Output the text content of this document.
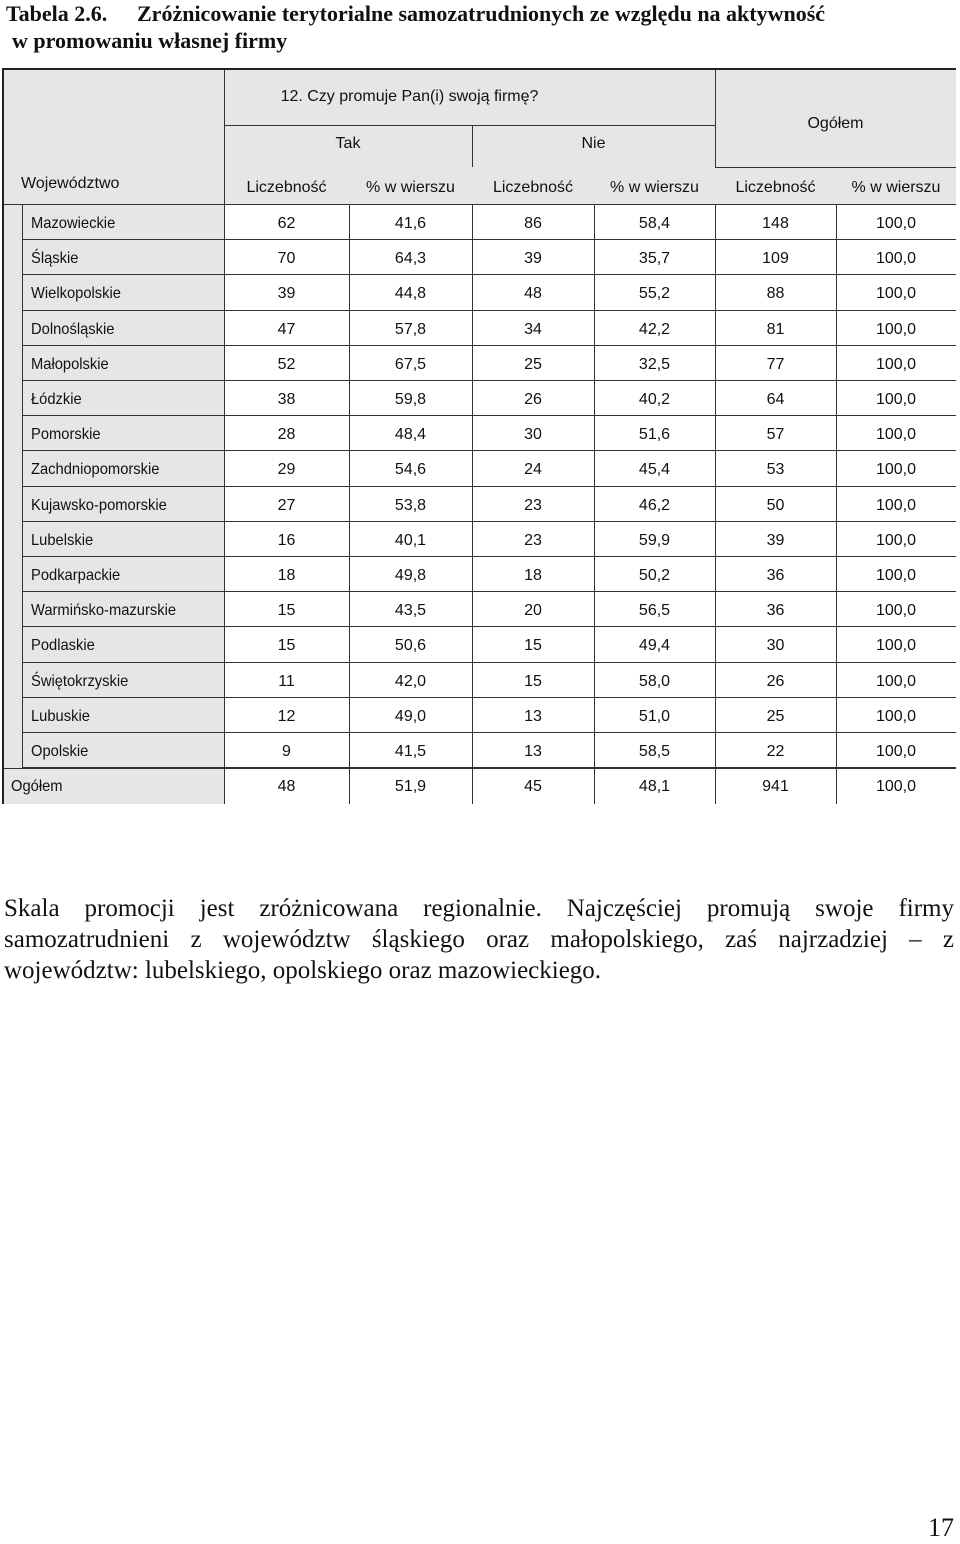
Tabela 2.6. Zróżnicowanie terytorialne samozatrudnionych ze względu na aktywność
w promowaniu własnej firmy
12. Czy promuje Pan(i) swoją firmę?
Tak	Nie
Ogółem
Województwo	Liczebność	% w wierszu	Liczebność	% w wierszu	Liczebność	% w wierszu
Mazowieckie	62	41,6	86	58,4	148	100,0
Śląskie	70	64,3	39	35,7	109	100,0
Wielkopolskie	39	44,8	48	55,2	88	100,0
Dolnośląskie	47	57,8	34	42,2	81	100,0
Małopolskie	52	67,5	25	32,5	77	100,0
Łódzkie	38	59,8	26	40,2	64	100,0
Pomorskie	28	48,4	30	51,6	57	100,0
Zachdniopomorskie	29	54,6	24	45,4	53	100,0
Kujawsko-pomorskie	27	53,8	23	46,2	50	100,0
Lubelskie	16	40,1	23	59,9	39	100,0
Podkarpackie	18	49,8	18	50,2	36	100,0
Warmińsko-mazurskie	15	43,5	20	56,5	36	100,0
Podlaskie	15	50,6	15	49,4	30	100,0
Świętokrzyskie	11	42,0	15	58,0	26	100,0
Lubuskie	12	49,0	13	51,0	25	100,0
Opolskie	9	41,5	13	58,5	22	100,0
Ogółem	48	51,9	45	48,1	941	100,0
Skala promocji jest zróżnicowana regionalnie. Najczęściej promują swoje firmy samozatrudnieni z województw śląskiego oraz małopolskiego, zaś najrzadziej – z województw: lubelskiego, opolskiego oraz mazowieckiego.
17
